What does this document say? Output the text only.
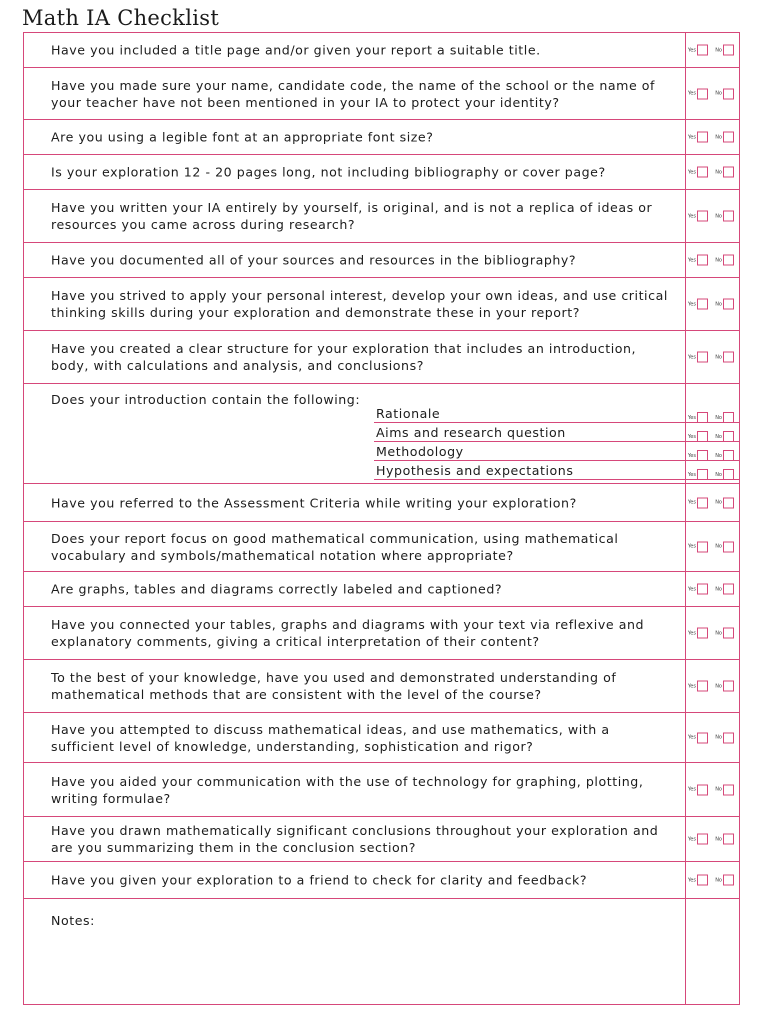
Math IA Checklist
Have you included a title page and/or given your report a suitable title.	Yes	No
Have you made sure your name, candidate code, the name of the school or the name of your teacher have not been mentioned in your IA to protect your identity?
Yes	No
Are you using a legible font at an appropriate font size?	Yes	No
Is your exploration 12 - 20 pages long, not including bibliography or cover page?	Yes	No
Have you written your IA entirely by yourself, is original, and is not a replica of ideas or resources you came across during research?
Yes	No
Have you documented all of your sources and resources in the bibliography?	Yes	No
Have you strived to apply your personal interest, develop your own ideas, and use critical thinking skills during your exploration and demonstrate these in your report?
Yes	No
Have you created a clear structure for your exploration that includes an introduction, body, with calculations and analysis, and conclusions?
Yes	No
Does your introduction contain the following:
Rationale	Yes	No
Aims and research question	Yes	No
Methodology	Yes	No
Hypothesis and expectations	Yes	No
Have you referred to the Assessment Criteria while writing your exploration?	Yes	No
Does your report focus on good mathematical communication, using mathematical vocabulary and symbols/mathematical notation where appropriate?
Yes	No
Are graphs, tables and diagrams correctly labeled and captioned?	Yes	No
Have you connected your tables, graphs and diagrams with your text via reflexive and explanatory comments, giving a critical interpretation of their content?
Yes	No
To the best of your knowledge, have you used and demonstrated understanding of mathematical methods that are consistent with the level of the course?
Yes	No
Have you attempted to discuss mathematical ideas, and use mathematics, with a sufficient level of knowledge, understanding, sophistication and rigor?
Yes	No
Have you aided your communication with the use of technology for graphing, plotting, writing formulae?
Yes	No
Have you drawn mathematically significant conclusions throughout your exploration and are you summarizing them in the conclusion section?
Yes	No
Have you given your exploration to a friend to check for clarity and feedback?	Yes	No
Notes:
